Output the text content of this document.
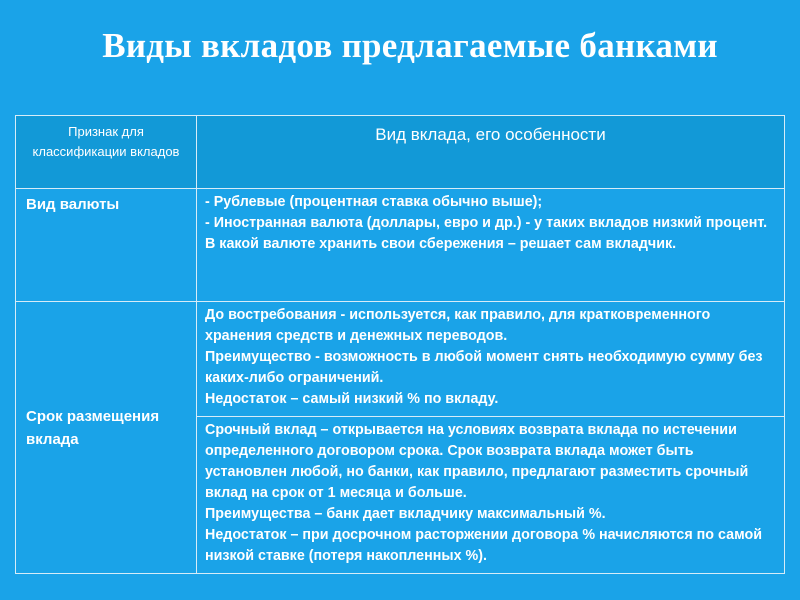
Виды вкладов предлагаемые банками
Признак для классификации вкладов	Вид вклада, его особенности
Вид валюты	- Рублевые (процентная ставка обычно выше);

- Иностранная валюта (доллары, евро и др.) - у таких вкладов низкий процент.

В какой валюте хранить свои сбережения – решает сам вкладчик.

Срок размещения вклада	До востребования - используется, как правило, для кратковременного хранения средств и денежных переводов.

Преимущество - возможность в любой момент снять необходимую сумму без каких-либо ограничений.

Недостаток – самый низкий % по вкладу.

	Срочный вклад – открывается на условиях возврата вклада по истечении определенного договором срока. Срок возврата вклада может быть установлен любой, но банки, как правило, предлагают разместить срочный вклад на срок от 1 месяца и больше.

Преимущества – банк дает вкладчику максимальный %.

Недостаток – при досрочном расторжении договора % начисляются по самой низкой ставке (потеря накопленных %).
